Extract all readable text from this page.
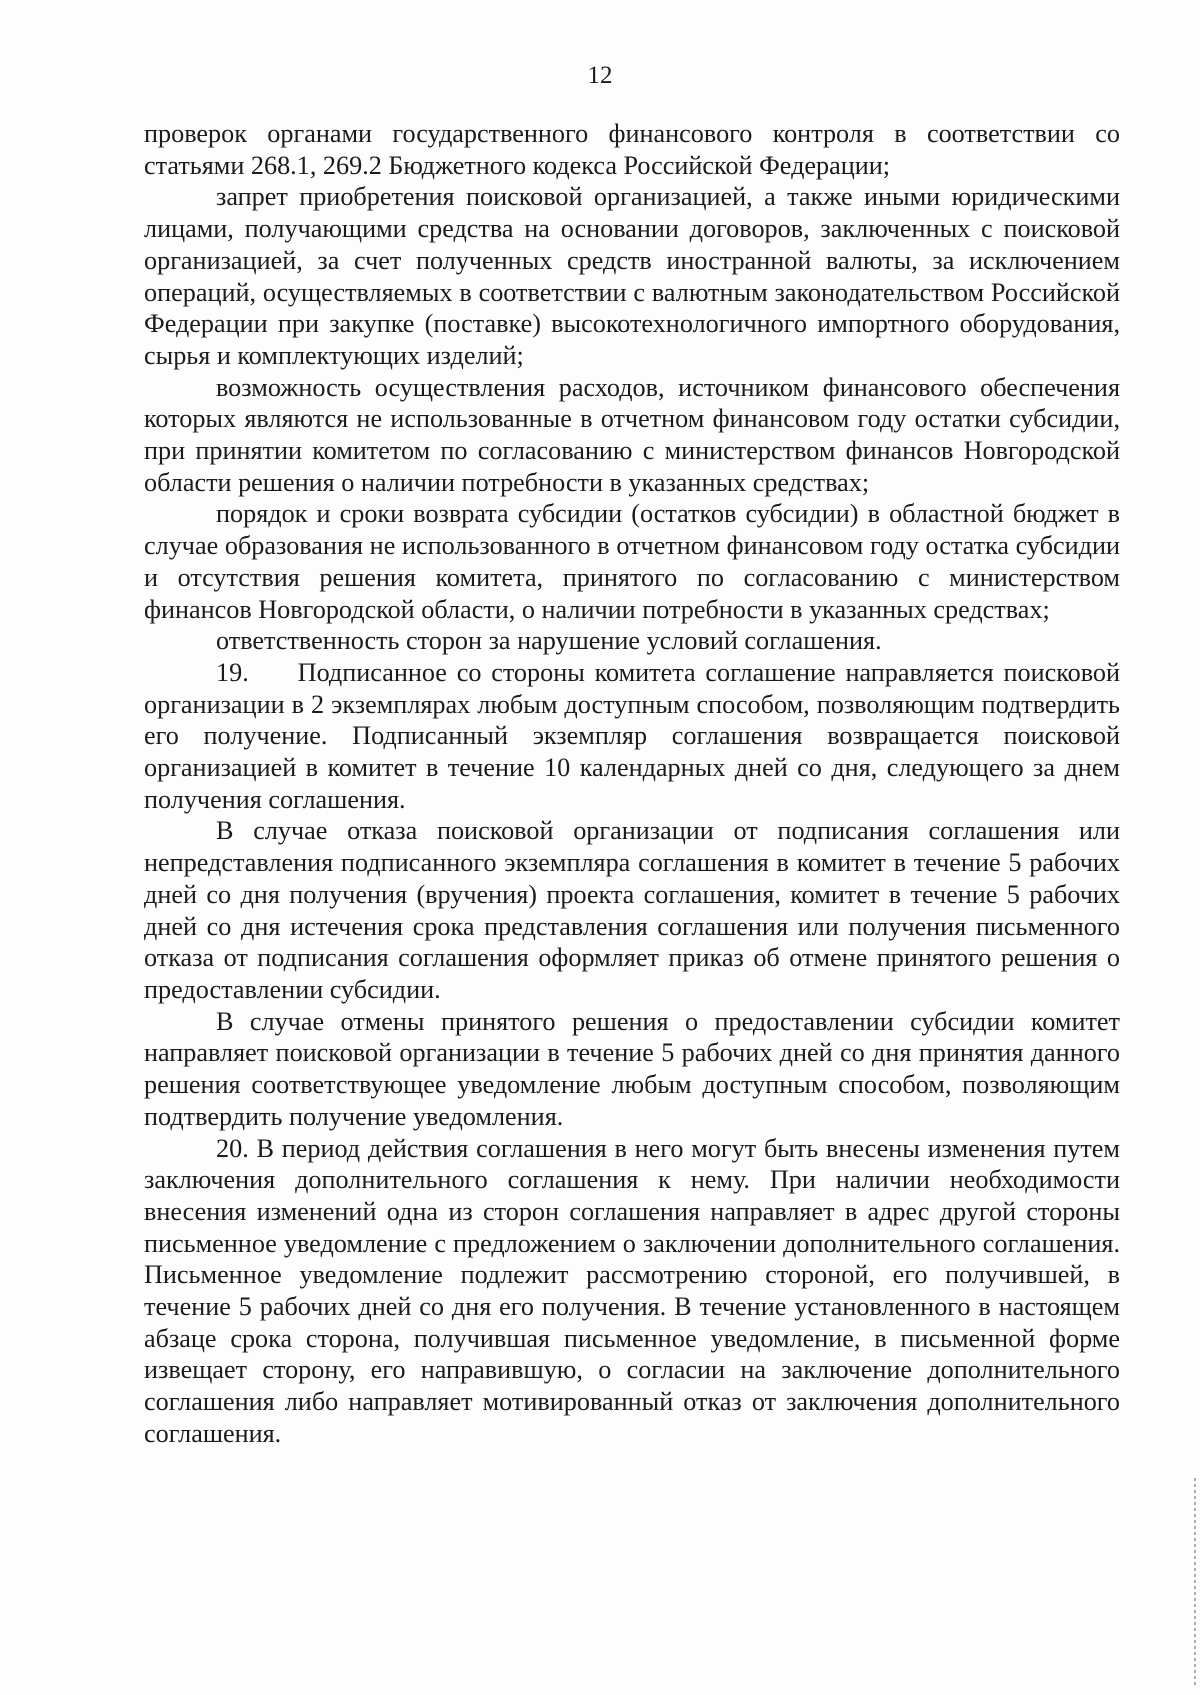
12

проверок органами государственного финансового контроля в соответствии со статьями 268.1, 269.2 Бюджетного кодекса Российской Федерации;

запрет приобретения поисковой организацией, а также иными юридическими лицами, получающими средства на основании договоров, заключенных с поисковой организацией, за счет полученных средств иностранной валюты, за исключением операций, осуществляемых в соответствии с валютным законодательством Российской Федерации при закупке (поставке) высокотехнологичного импортного оборудования, сырья и комплектующих изделий;

возможность осуществления расходов, источником финансового обеспечения которых являются не использованные в отчетном финансовом году остатки субсидии, при принятии комитетом по согласованию с министерством финансов Новгородской области решения о наличии потребности в указанных средствах;

порядок и сроки возврата субсидии (остатков субсидии) в областной бюджет в случае образования не использованного в отчетном финансовом году остатка субсидии и отсутствия решения комитета, принятого по согласованию с министерством финансов Новгородской области, о наличии потребности в указанных средствах;

ответственность сторон за нарушение условий соглашения.

19.     Подписанное со стороны комитета соглашение направляется поисковой организации в 2 экземплярах любым доступным способом, позволяющим подтвердить его получение. Подписанный экземпляр соглашения возвращается поисковой организацией в комитет в течение 10 календарных дней со дня, следующего за днем получения соглашения.

В случае отказа поисковой организации от подписания соглашения или непредставления подписанного экземпляра соглашения в комитет в течение 5 рабочих дней со дня получения (вручения) проекта соглашения, комитет в течение 5 рабочих дней со дня истечения срока представления соглашения или получения письменного отказа от подписания соглашения оформляет приказ об отмене принятого решения о предоставлении субсидии.

В случае отмены принятого решения о предоставлении субсидии комитет направляет поисковой организации в течение 5 рабочих дней со дня принятия данного решения соответствующее уведомление любым доступным способом, позволяющим подтвердить получение уведомления.

20. В период действия соглашения в него могут быть внесены изменения путем заключения дополнительного соглашения к нему. При наличии необходимости внесения изменений одна из сторон соглашения направляет в адрес другой стороны письменное уведомление с предложением о заключении дополнительного соглашения. Письменное уведомление подлежит рассмотрению стороной, его получившей, в течение 5 рабочих дней со дня его получения. В течение установленного в настоящем абзаце срока сторона, получившая письменное уведомление, в письменной форме извещает сторону, его направившую, о согласии на заключение дополнительного соглашения либо направляет мотивированный отказ от заключения дополнительного соглашения.
